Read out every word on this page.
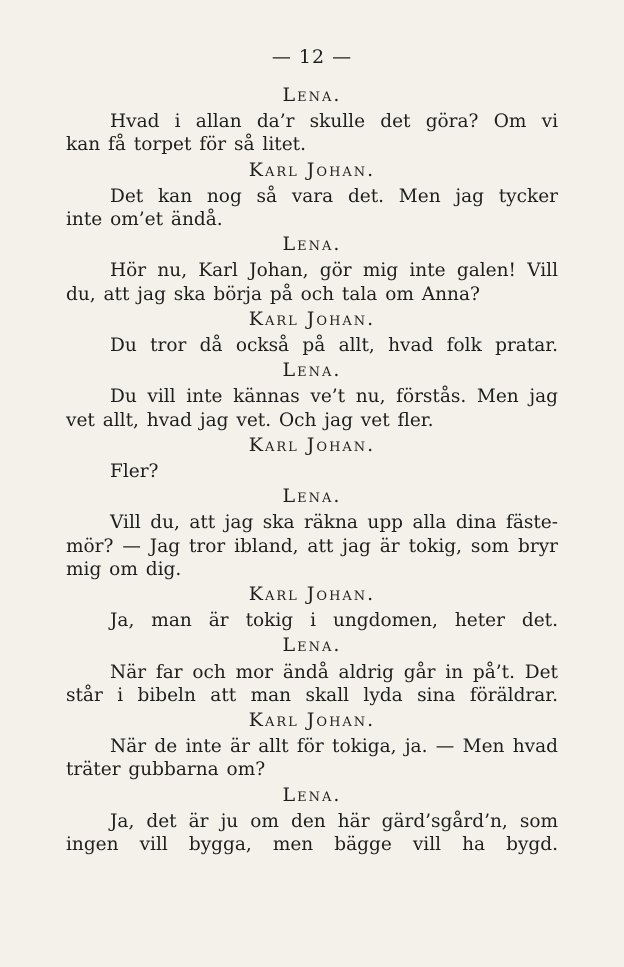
— 12 —
Lena.
Hvad i allan da’r skulle det göra? Om vi
kan få torpet för så litet.
Karl Johan.
Det kan nog så vara det. Men jag tycker
inte om’et ändå.
Lena.
Hör nu, Karl Johan, gör mig inte galen! Vill
du, att jag ska börja på och tala om Anna?
Karl Johan.
Du tror då också på allt, hvad folk pratar.
Lena.
Du vill inte kännas ve’t nu, förstås. Men jag
vet allt, hvad jag vet. Och jag vet fler.
Karl Johan.
Fler?
Lena.
Vill du, att jag ska räkna upp alla dina fäste-
mör? — Jag tror ibland, att jag är tokig, som bryr
mig om dig.
Karl Johan.
Ja, man är tokig i ungdomen, heter det.
Lena.
När far och mor ändå aldrig går in på’t. Det
står i bibeln att man skall lyda sina föräldrar.
Karl Johan.
När de inte är allt för tokiga, ja. — Men hvad
träter gubbarna om?
Lena.
Ja, det är ju om den här gärd’sgård’n, som
ingen vill bygga, men bägge vill ha bygd.
